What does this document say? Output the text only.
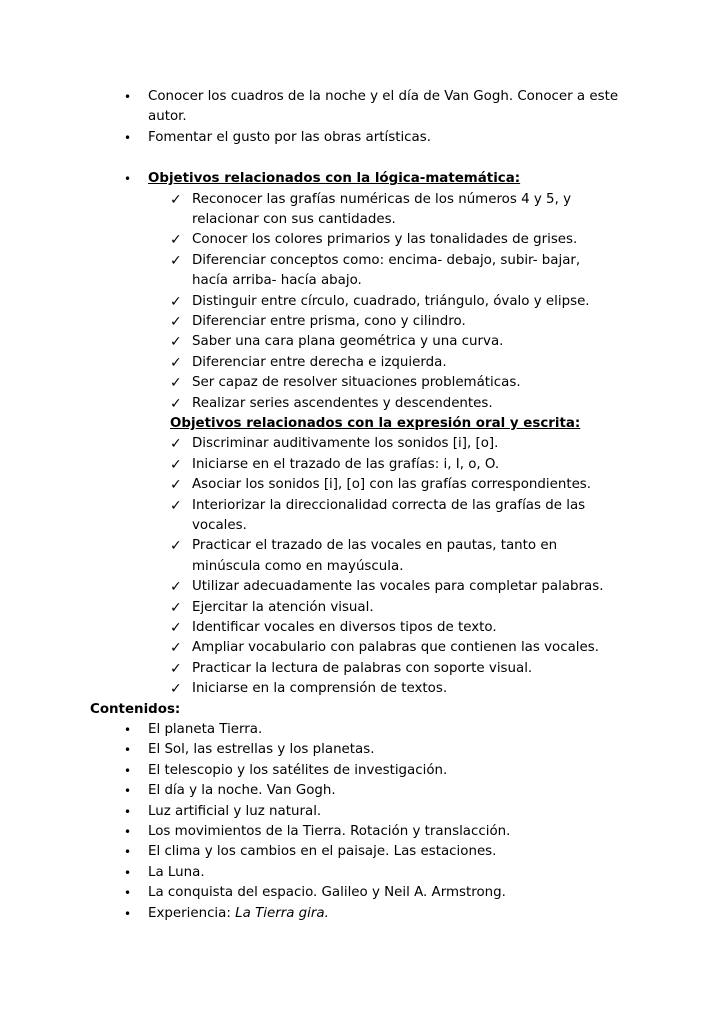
• Conocer los cuadros de la noche y el día de Van Gogh. Conocer a este
autor.
• Fomentar el gusto por las obras artísticas.
• Objetivos relacionados con la lógica-matemática:
✓ Reconocer las grafías numéricas de los números 4 y 5, y
relacionar con sus cantidades.
✓ Conocer los colores primarios y las tonalidades de grises.
✓ Diferenciar conceptos como: encima- debajo, subir- bajar,
hacía arriba- hacía abajo.
✓ Distinguir entre círculo, cuadrado, triángulo, óvalo y elipse.
✓ Diferenciar entre prisma, cono y cilindro.
✓ Saber una cara plana geométrica y una curva.
✓ Diferenciar entre derecha e izquierda.
✓ Ser capaz de resolver situaciones problemáticas.
✓ Realizar series ascendentes y descendentes.
Objetivos relacionados con la expresión oral y escrita:
✓ Discriminar auditivamente los sonidos [i], [o].
✓ Iniciarse en el trazado de las grafías: i, I, o, O.
✓ Asociar los sonidos [i], [o] con las grafías correspondientes.
✓ Interiorizar la direccionalidad correcta de las grafías de las
vocales.
✓ Practicar el trazado de las vocales en pautas, tanto en
minúscula como en mayúscula.
✓ Utilizar adecuadamente las vocales para completar palabras.
✓ Ejercitar la atención visual.
✓ Identificar vocales en diversos tipos de texto.
✓ Ampliar vocabulario con palabras que contienen las vocales.
✓ Practicar la lectura de palabras con soporte visual.
✓ Iniciarse en la comprensión de textos.
Contenidos:
• El planeta Tierra.
• El Sol, las estrellas y los planetas.
• El telescopio y los satélites de investigación.
• El día y la noche. Van Gogh.
• Luz artificial y luz natural.
• Los movimientos de la Tierra. Rotación y translacción.
• El clima y los cambios en el paisaje. Las estaciones.
• La Luna.
• La conquista del espacio. Galileo y Neil A. Armstrong.
• Experiencia: La Tierra gira.
